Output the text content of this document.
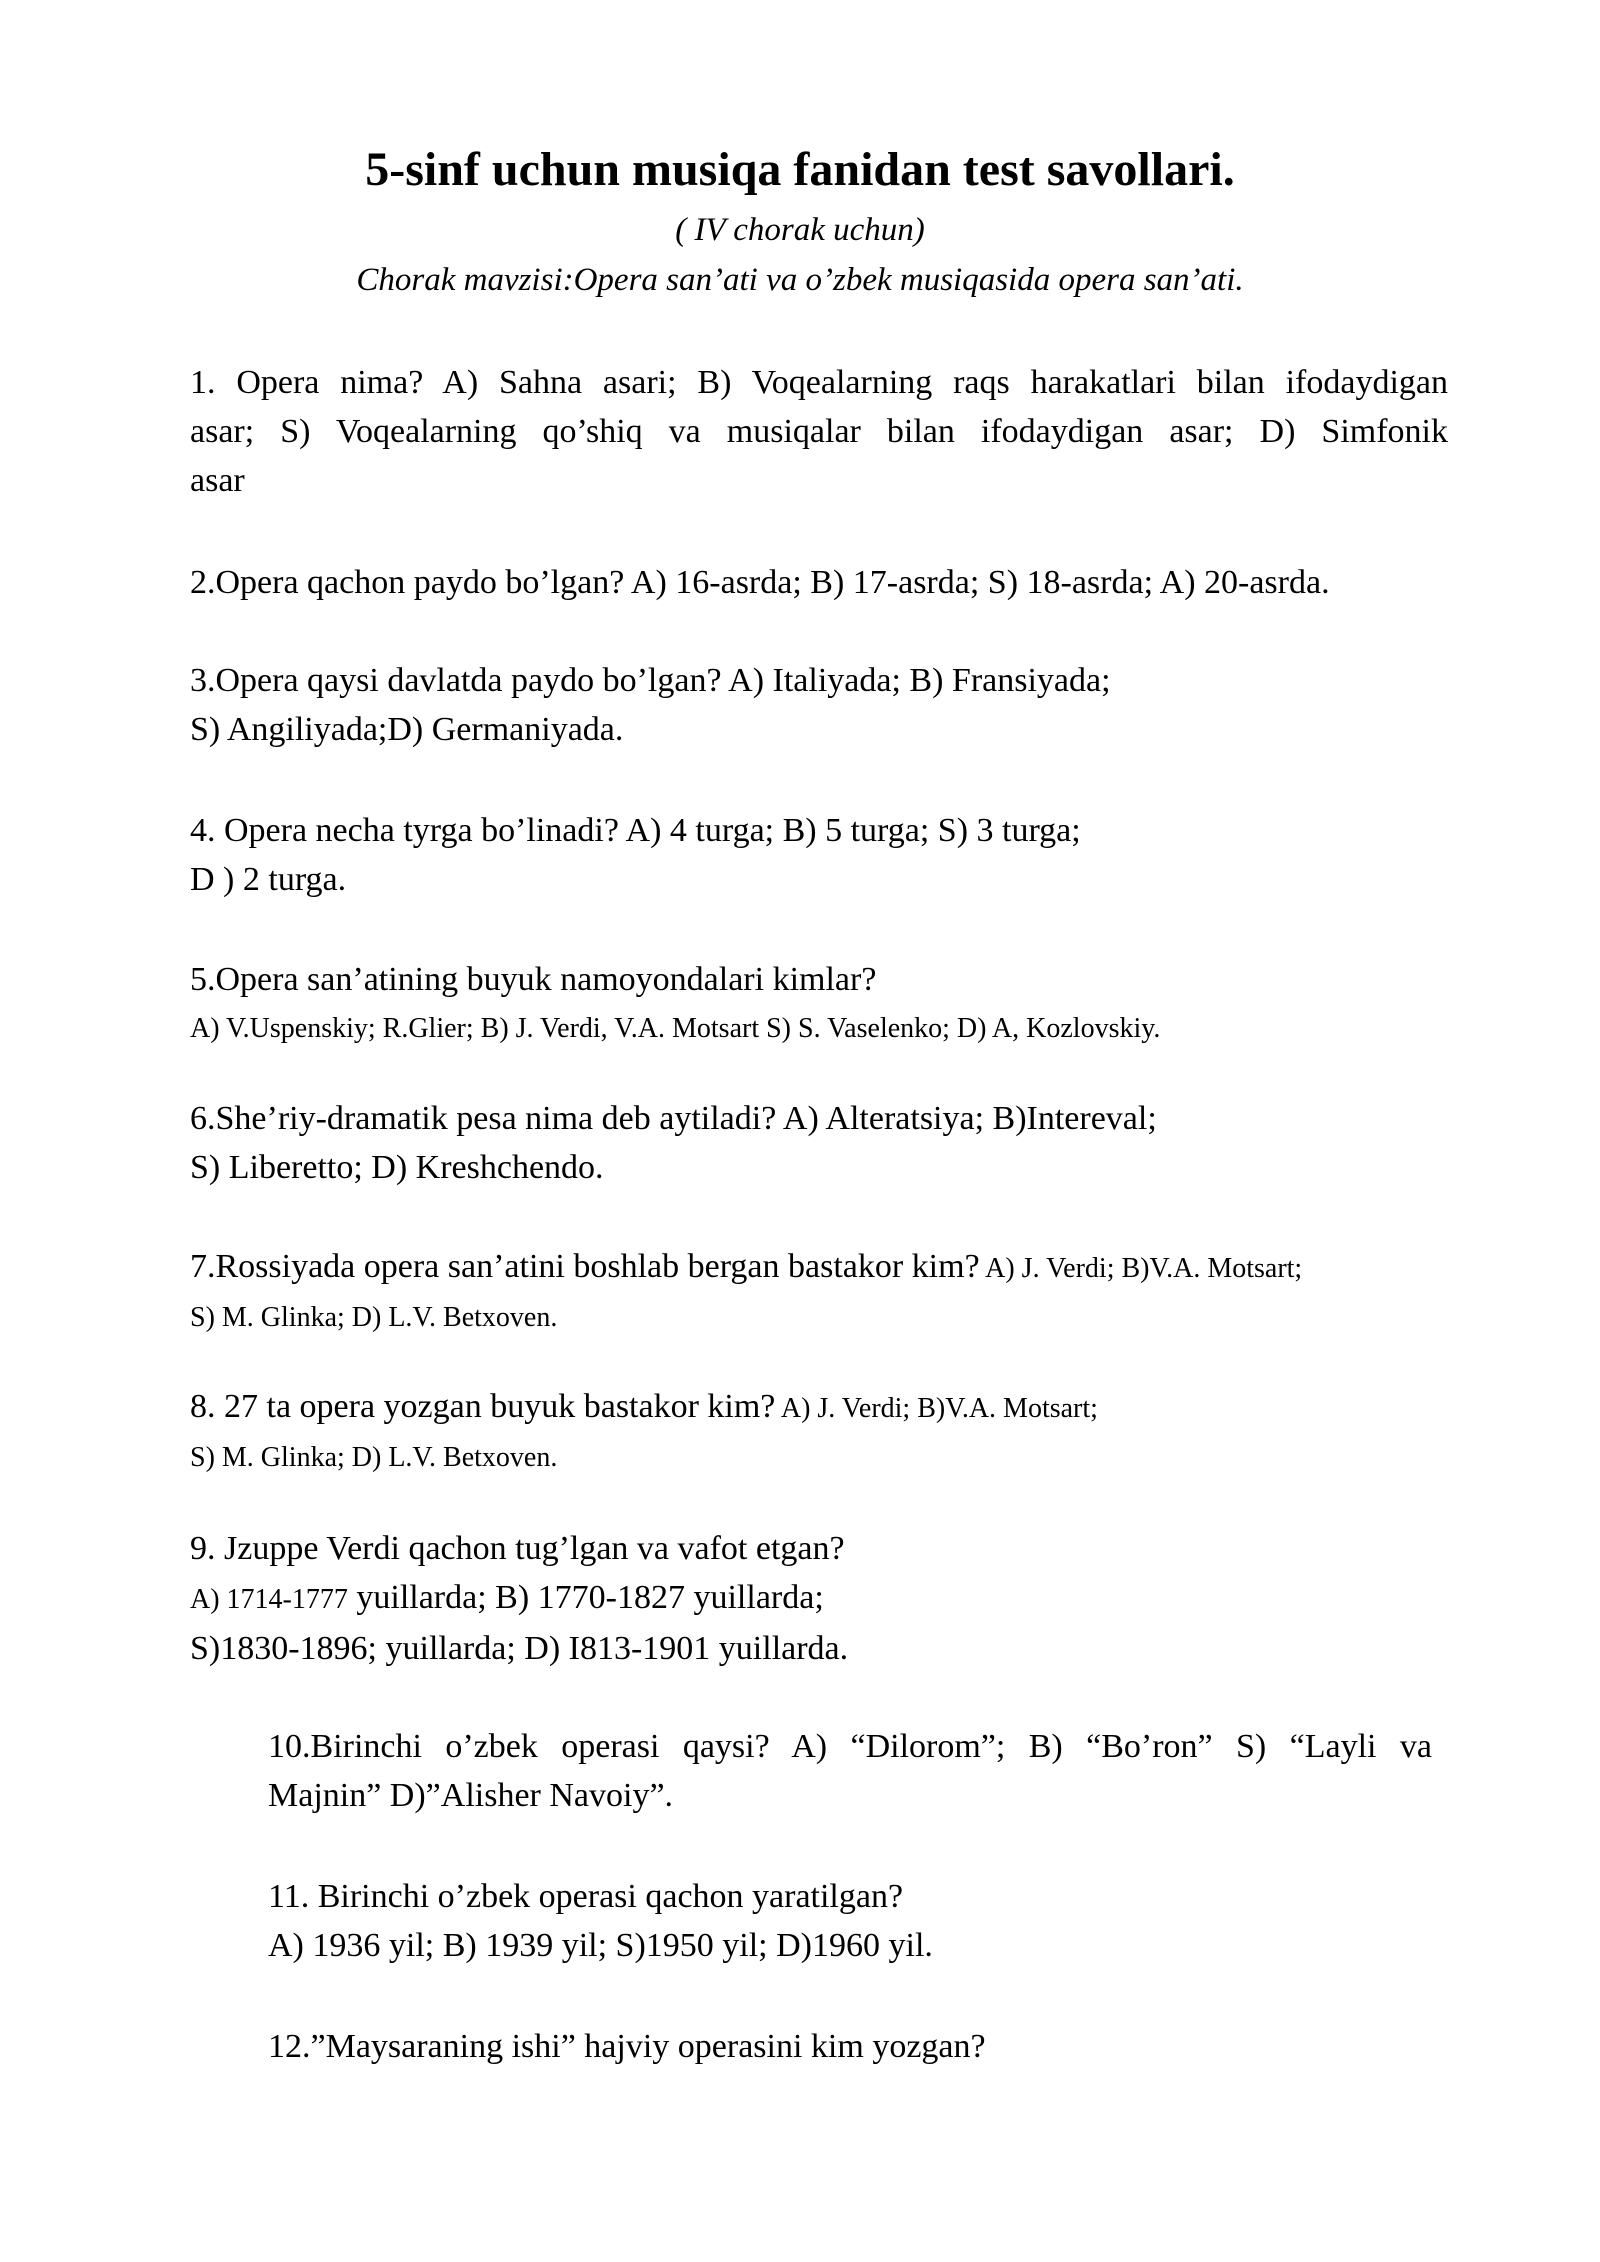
5-sinf uchun musiqa fanidan test savollari.
( IV chorak uchun)
Chorak mavzisi:Opera san’ati va o’zbek musiqasida opera san’ati.
1. Opera nima? A) Sahna asari; B) Voqealarning raqs harakatlari bilan ifodaydigan
asar; S) Voqealarning qo’shiq va musiqalar bilan ifodaydigan asar; D) Simfonik
asar
2.Opera qachon paydo bo’lgan? A) 16-asrda; B) 17-asrda; S) 18-asrda; A) 20-asrda.
3.Opera qaysi davlatda paydo bo’lgan? A) Italiyada; B) Fransiyada;
S) Angiliyada;D) Germaniyada.
4. Opera necha tyrga bo’linadi? A) 4 turga; B) 5 turga; S) 3 turga;
D ) 2 turga.
5.Opera san’atining buyuk namoyondalari kimlar?
A) V.Uspenskiy; R.Glier; B) J. Verdi, V.A. Motsart S) S. Vaselenko; D) A, Kozlovskiy.
6.She’riy-dramatik pesa nima deb aytiladi? A) Alteratsiya; B)Intereval;
S) Liberetto; D) Kreshchendo.
7.Rossiyada opera san’atini boshlab bergan bastakor kim? A) J. Verdi; B)V.A. Motsart;
S) M. Glinka; D) L.V. Betxoven.
8. 27 ta opera yozgan buyuk bastakor kim? A) J. Verdi; B)V.A. Motsart;
S) M. Glinka; D) L.V. Betxoven.
9. Jzuppe Verdi qachon tug’lgan va vafot etgan?
A) 1714-1777 yuillarda; B) 1770-1827 yuillarda;
S)1830-1896; yuillarda; D) I813-1901 yuillarda.
10.Birinchi o’zbek operasi qaysi? A) “Dilorom”; B) “Bo’ron” S) “Layli va
Majnin” D)”Alisher Navoiy”.
11. Birinchi o’zbek operasi qachon yaratilgan?
A) 1936 yil; B) 1939 yil; S)1950 yil; D)1960 yil.
12.”Maysaraning ishi” hajviy operasini kim yozgan?
